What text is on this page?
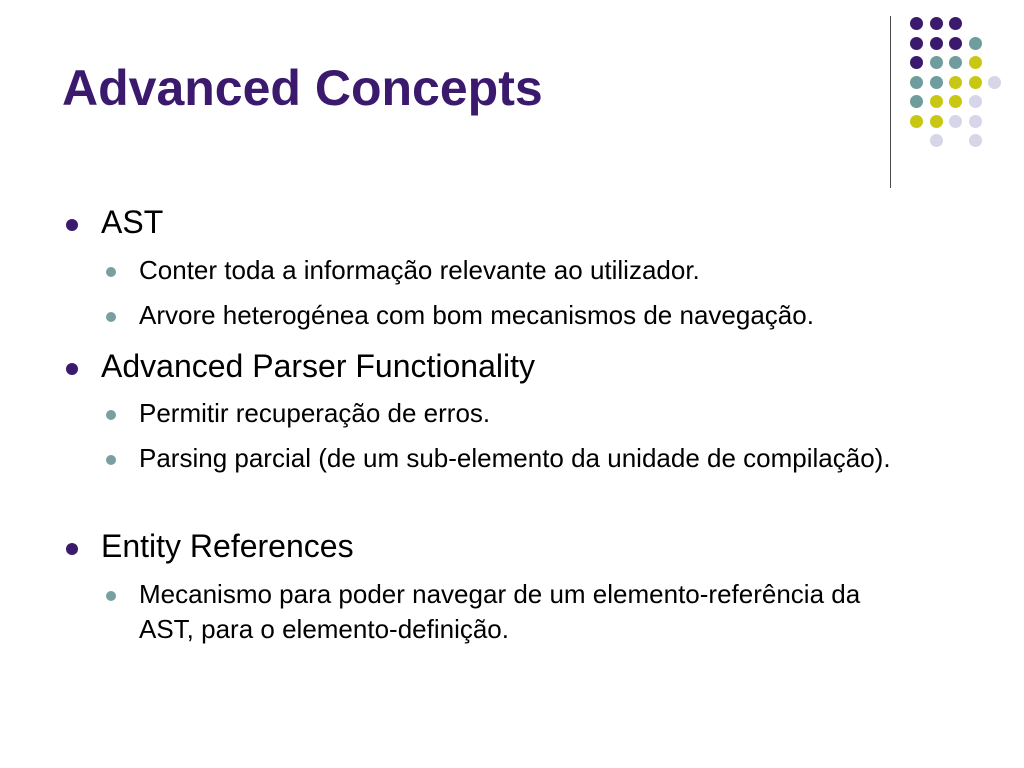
Advanced Concepts
AST
Conter toda a informação relevante ao utilizador.
Arvore heterogénea com bom mecanismos de navegação.
Advanced Parser Functionality
Permitir recuperação de erros.
Parsing parcial (de um sub-elemento da unidade de compilação).
Entity References
Mecanismo para poder navegar de um elemento-referência da AST, para o elemento-definição.
